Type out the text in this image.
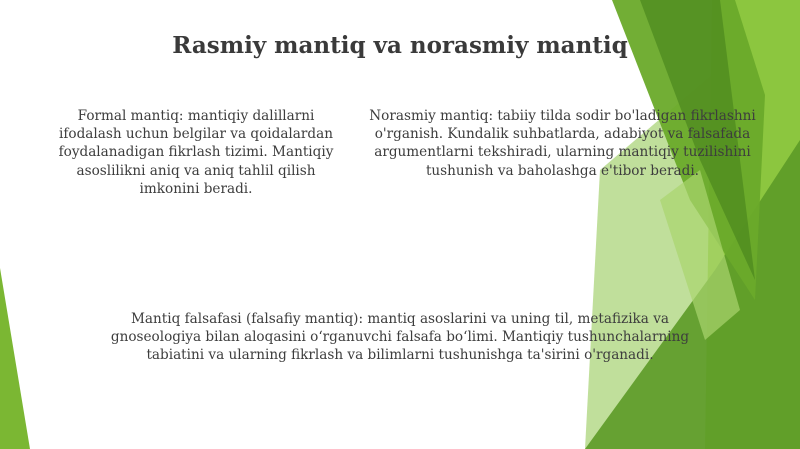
Rasmiy mantiq va norasmiy mantiq
Formal mantiq: mantiqiy dalillarni ifodalash uchun belgilar va qoidalardan foydalanadigan fikrlash tizimi. Mantiqiy asoslilikni aniq va aniq tahlil qilish imkonini beradi.
Norasmiy mantiq: tabiiy tilda sodir bo'ladigan fikrlashni o'rganish. Kundalik suhbatlarda, adabiyot va falsafada argumentlarni tekshiradi, ularning mantiqiy tuzilishini tushunish va baholashga e'tibor beradi.
Mantiq falsafasi (falsafiy mantiq): mantiq asoslarini va uning til, metafizika va gnoseologiya bilan aloqasini o‘rganuvchi falsafa bo‘limi. Mantiqiy tushunchalarning tabiatini va ularning fikrlash va bilimlarni tushunishga ta'sirini o'rganadi.
